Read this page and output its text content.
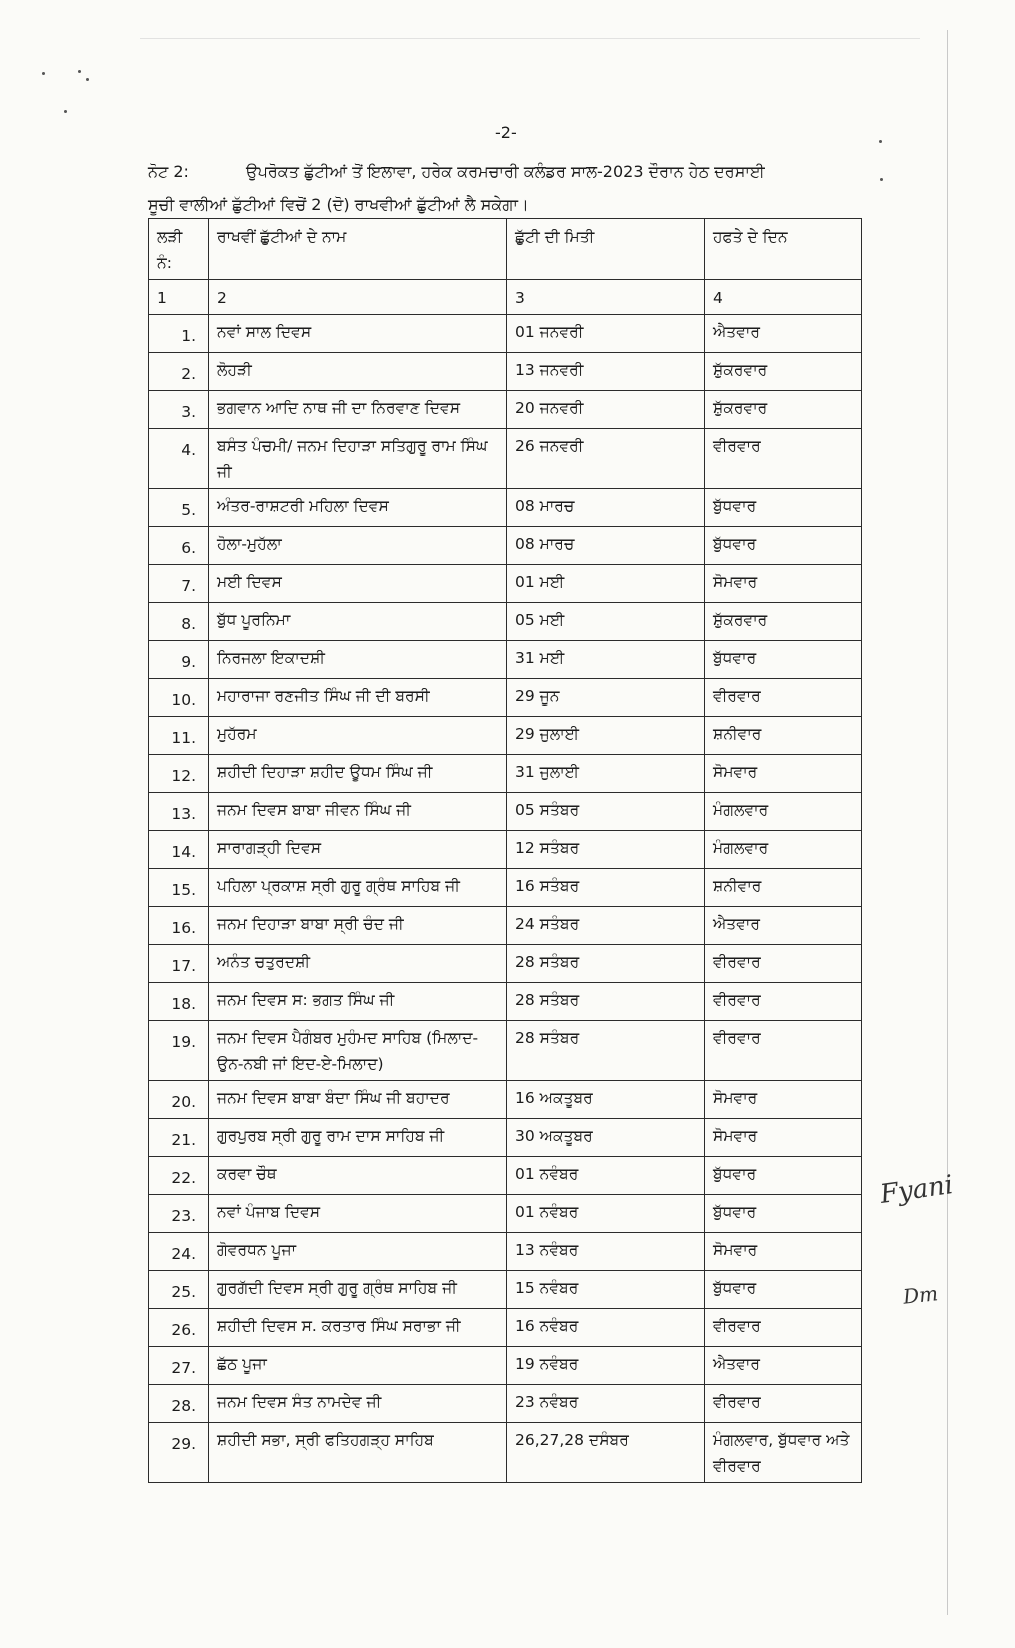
-2-
ਨੋਟ 2:	ਉਪਰੋਕਤ ਛੁੱਟੀਆਂ ਤੋਂ ਇਲਾਵਾ, ਹਰੇਕ ਕਰਮਚਾਰੀ ਕਲੰਡਰ ਸਾਲ-2023 ਦੌਰਾਨ ਹੇਠ ਦਰਸਾਈ
ਸੂਚੀ ਵਾਲੀਆਂ ਛੁੱਟੀਆਂ ਵਿਚੋਂ 2 (ਦੋ) ਰਾਖਵੀਆਂ ਛੁੱਟੀਆਂ ਲੈ ਸਕੇਗਾ।
ਲੜੀ ਨੰ:	ਰਾਖਵੀਂ ਛੁੱਟੀਆਂ ਦੇ ਨਾਮ	ਛੁੱਟੀ ਦੀ ਮਿਤੀ	ਹਫਤੇ ਦੇ ਦਿਨ
1	2	3	4
1.	ਨਵਾਂ ਸਾਲ ਦਿਵਸ	01 ਜਨਵਰੀ	ਐਤਵਾਰ
2.	ਲੋਹੜੀ	13 ਜਨਵਰੀ	ਸ਼ੁੱਕਰਵਾਰ
3.	ਭਗਵਾਨ ਆਦਿ ਨਾਥ ਜੀ ਦਾ ਨਿਰਵਾਣ ਦਿਵਸ	20 ਜਨਵਰੀ	ਸ਼ੁੱਕਰਵਾਰ
4.	ਬਸੰਤ ਪੰਚਮੀ/ ਜਨਮ ਦਿਹਾੜਾ ਸਤਿਗੁਰੂ ਰਾਮ ਸਿੰਘ ਜੀ	26 ਜਨਵਰੀ	ਵੀਰਵਾਰ
5.	ਅੰਤਰ-ਰਾਸ਼ਟਰੀ ਮਹਿਲਾ ਦਿਵਸ	08 ਮਾਰਚ	ਬੁੱਧਵਾਰ
6.	ਹੋਲਾ-ਮੁਹੱਲਾ	08 ਮਾਰਚ	ਬੁੱਧਵਾਰ
7.	ਮਈ ਦਿਵਸ	01 ਮਈ	ਸੋਮਵਾਰ
8.	ਬੁੱਧ ਪੂਰਨਿਮਾ	05 ਮਈ	ਸ਼ੁੱਕਰਵਾਰ
9.	ਨਿਰਜਲਾ ਇਕਾਦਸ਼ੀ	31 ਮਈ	ਬੁੱਧਵਾਰ
10.	ਮਹਾਰਾਜਾ ਰਣਜੀਤ ਸਿੰਘ ਜੀ ਦੀ ਬਰਸੀ	29 ਜੂਨ	ਵੀਰਵਾਰ
11.	ਮੁਹੱਰਮ	29 ਜੁਲਾਈ	ਸ਼ਨੀਵਾਰ
12.	ਸ਼ਹੀਦੀ ਦਿਹਾੜਾ ਸ਼ਹੀਦ ਊਧਮ ਸਿੰਘ ਜੀ	31 ਜੁਲਾਈ	ਸੋਮਵਾਰ
13.	ਜਨਮ ਦਿਵਸ ਬਾਬਾ ਜੀਵਨ ਸਿੰਘ ਜੀ	05 ਸਤੰਬਰ	ਮੰਗਲਵਾਰ
14.	ਸਾਰਾਗੜ੍ਹੀ ਦਿਵਸ	12 ਸਤੰਬਰ	ਮੰਗਲਵਾਰ
15.	ਪਹਿਲਾ ਪ੍ਰਕਾਸ਼ ਸ੍ਰੀ ਗੁਰੂ ਗ੍ਰੰਥ ਸਾਹਿਬ ਜੀ	16 ਸਤੰਬਰ	ਸ਼ਨੀਵਾਰ
16.	ਜਨਮ ਦਿਹਾੜਾ ਬਾਬਾ ਸ੍ਰੀ ਚੰਦ ਜੀ	24 ਸਤੰਬਰ	ਐਤਵਾਰ
17.	ਅਨੰਤ ਚਤੁਰਦਸ਼ੀ	28 ਸਤੰਬਰ	ਵੀਰਵਾਰ
18.	ਜਨਮ ਦਿਵਸ ਸ: ਭਗਤ ਸਿੰਘ ਜੀ	28 ਸਤੰਬਰ	ਵੀਰਵਾਰ
19.	ਜਨਮ ਦਿਵਸ ਪੈਗੰਬਰ ਮੁਹੰਮਦ ਸਾਹਿਬ (ਮਿਲਾਦ-ਉਨ-ਨਬੀ ਜਾਂ ਇਦ-ਏ-ਮਿਲਾਦ)	28 ਸਤੰਬਰ	ਵੀਰਵਾਰ
20.	ਜਨਮ ਦਿਵਸ ਬਾਬਾ ਬੰਦਾ ਸਿੰਘ ਜੀ ਬਹਾਦਰ	16 ਅਕਤੂਬਰ	ਸੋਮਵਾਰ
21.	ਗੁਰਪੁਰਬ ਸ੍ਰੀ ਗੁਰੂ ਰਾਮ ਦਾਸ ਸਾਹਿਬ ਜੀ	30 ਅਕਤੂਬਰ	ਸੋਮਵਾਰ
22.	ਕਰਵਾ ਚੌਥ	01 ਨਵੰਬਰ	ਬੁੱਧਵਾਰ
23.	ਨਵਾਂ ਪੰਜਾਬ ਦਿਵਸ	01 ਨਵੰਬਰ	ਬੁੱਧਵਾਰ
24.	ਗੋਵਰਧਨ ਪੂਜਾ	13 ਨਵੰਬਰ	ਸੋਮਵਾਰ
25.	ਗੁਰਗੱਦੀ ਦਿਵਸ ਸ੍ਰੀ ਗੁਰੂ ਗ੍ਰੰਥ ਸਾਹਿਬ ਜੀ	15 ਨਵੰਬਰ	ਬੁੱਧਵਾਰ
26.	ਸ਼ਹੀਦੀ ਦਿਵਸ ਸ. ਕਰਤਾਰ ਸਿੰਘ ਸਰਾਭਾ ਜੀ	16 ਨਵੰਬਰ	ਵੀਰਵਾਰ
27.	ਛੱਠ ਪੂਜਾ	19 ਨਵੰਬਰ	ਐਤਵਾਰ
28.	ਜਨਮ ਦਿਵਸ ਸੰਤ ਨਾਮਦੇਵ ਜੀ	23 ਨਵੰਬਰ	ਵੀਰਵਾਰ
29.	ਸ਼ਹੀਦੀ ਸਭਾ, ਸ੍ਰੀ ਫਤਿਹਗੜ੍ਹ ਸਾਹਿਬ	26,27,28 ਦਸੰਬਰ	ਮੰਗਲਵਾਰ, ਬੁੱਧਵਾਰ ਅਤੇ ਵੀਰਵਾਰ
Fyani
Dm
